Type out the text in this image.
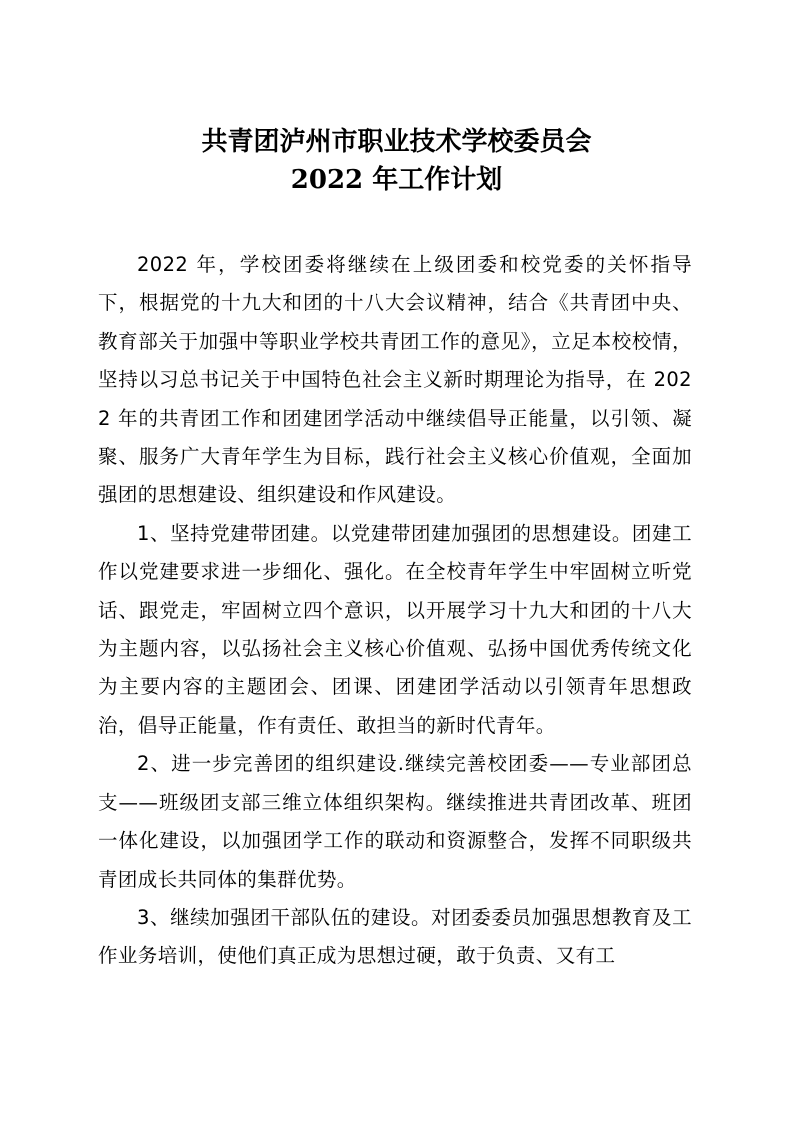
共青团泸州市职业技术学校委员会
2022 年工作计划

2022 年，学校团委将继续在上级团委和校党委的关怀指导下，根据党的十九大和团的十八大会议精神，结合《共青团中央、教育部关于加强中等职业学校共青团工作的意见》，立足本校校情，坚持以习总书记关于中国特色社会主义新时期理论为指导，在 2022 年的共青团工作和团建团学活动中继续倡导正能量，以引领、凝聚、服务广大青年学生为目标，践行社会主义核心价值观，全面加强团的思想建设、组织建设和作风建设。

1、坚持党建带团建。以党建带团建加强团的思想建设。团建工作以党建要求进一步细化、强化。在全校青年学生中牢固树立听党话、跟党走，牢固树立四个意识，以开展学习十九大和团的十八大为主题内容，以弘扬社会主义核心价值观、弘扬中国优秀传统文化为主要内容的主题团会、团课、团建团学活动以引领青年思想政治，倡导正能量，作有责任、敢担当的新时代青年。

2、进一步完善团的组织建设.继续完善校团委——专业部团总支——班级团支部三维立体组织架构。继续推进共青团改革、班团一体化建设，以加强团学工作的联动和资源整合，发挥不同职级共青团成长共同体的集群优势。

3、继续加强团干部队伍的建设。对团委委员加强思想教育及工作业务培训，使他们真正成为思想过硬，敢于负责、又有工
